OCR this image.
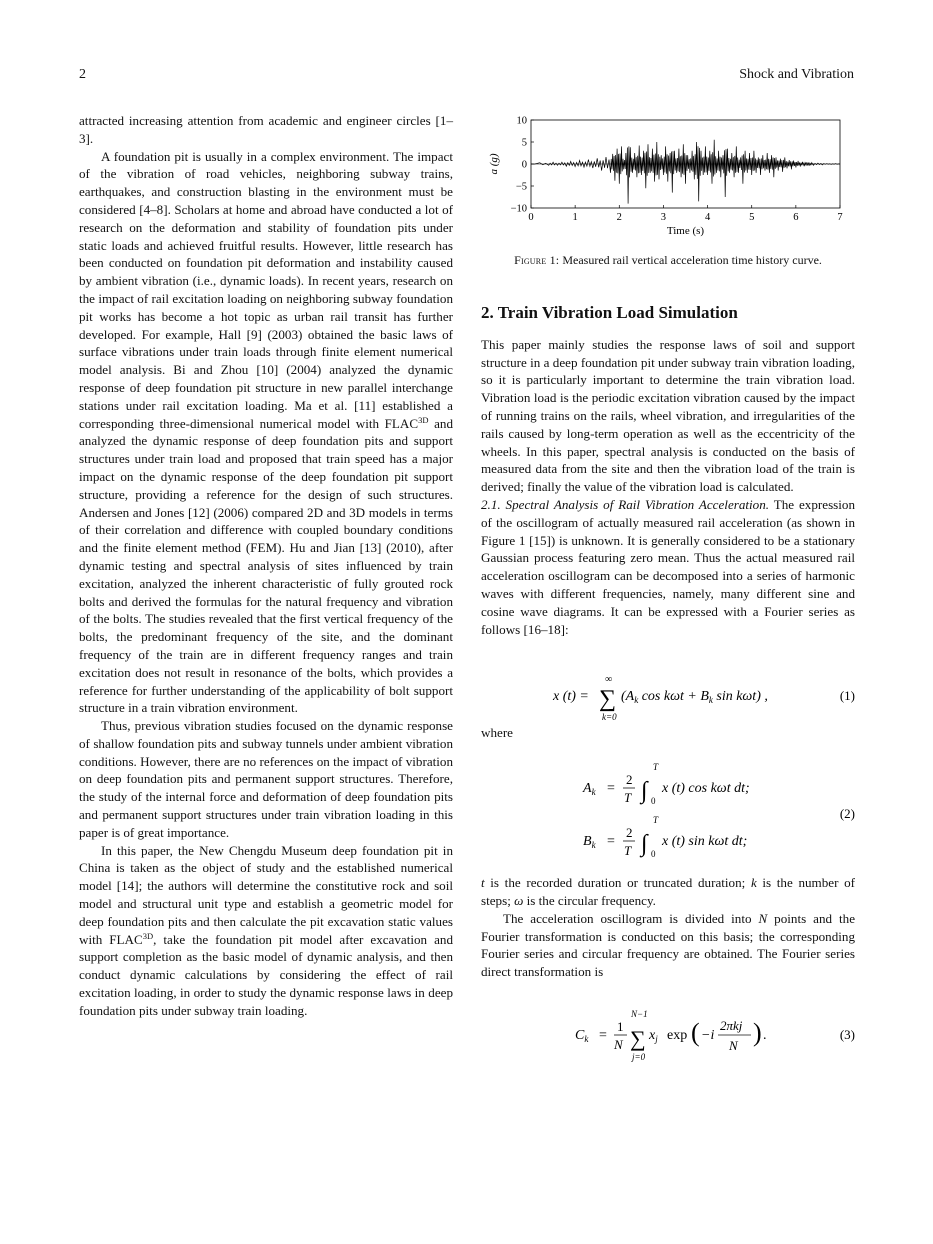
2	Shock and Vibration

attracted increasing attention from academic and engineer circles [1–3].

A foundation pit is usually in a complex environment. The impact of the vibration of road vehicles, neighboring subway trains, earthquakes, and construction blasting in the environment must be considered [4–8]. Scholars at home and abroad have conducted a lot of research on the deformation and stability of foundation pits under static loads and achieved fruitful results. However, little research has been conducted on foundation pit deformation and instability caused by ambient vibration (i.e., dynamic loads). In recent years, research on the impact of rail excitation loading on neighboring subway foundation pit works has become a hot topic as urban rail transit has further developed. For example, Hall [9] (2003) obtained the basic laws of surface vibrations under train loads through finite element numerical model analysis. Bi and Zhou [10] (2004) analyzed the dynamic response of deep foundation pit structure in new parallel interchange stations under rail excitation loading. Ma et al. [11] established a corresponding three-dimensional numerical model with $FLAC^{3D}$ and analyzed the dynamic response of deep foundation pits and support structures under train load and proposed that train speed has a major impact on the dynamic response of the deep foundation pit support structure, providing a reference for the design of such structures. Andersen and Jones [12] (2006) compared 2D and 3D models in terms of their correlation and difference with coupled boundary conditions and the finite element method (FEM). Hu and Jian [13] (2010), after dynamic testing and spectral analysis of sites influenced by train excitation, analyzed the inherent characteristic of fully grouted rock bolts and derived the formulas for the natural frequency and vibration of the bolts. The studies revealed that the first vertical frequency of the bolts, the predominant frequency of the site, and the dominant frequency of the train are in different frequency ranges and train excitation does not result in resonance of the bolts, which provides a reference for further understanding of the applicability of bolt support structure in a train vibration environment.

Thus, previous vibration studies focused on the dynamic response of shallow foundation pits and subway tunnels under ambient vibration conditions. However, there are no references on the impact of vibration on deep foundation pits and permanent support structures. Therefore, the study of the internal force and deformation of deep foundation pits and permanent support structures under train vibration loading in this paper is of great importance.

In this paper, the New Chengdu Museum deep foundation pit in China is taken as the object of study and the established numerical model [14]; the authors will determine the constitutive rock and soil model and structural unit type and establish a geometric model for deep foundation pits and then calculate the pit excavation static values with $FLAC^{3D}$, take the foundation pit model after excavation and support completion as the basic model of dynamic analysis, and then conduct dynamic calculations by considering the effect of rail excitation loading, in order to study the dynamic response laws in deep foundation pits under subway train loading.

0	1	2	3	4	5	6	7
10
5
0
−5
−10
Time (s)
a (g)
Figure 1: Measured rail vertical acceleration time history curve.
2. Train Vibration Load Simulation

This paper mainly studies the response laws of soil and support structure in a deep foundation pit under subway train vibration loading, so it is particularly important to determine the train vibration load. Vibration load is the periodic excitation vibration caused by the impact of running trains on the rails, wheel vibration, and irregularities of the rails caused by long-term operation as well as the eccentricity of the wheels. In this paper, spectral analysis is conducted on the basis of measured data from the site and then the vibration load of the train is derived; finally the value of the vibration load is calculated.

2.1. Spectral Analysis of Rail Vibration Acceleration. The expression of the oscillogram of actually measured rail acceleration (as shown in Figure 1 [15]) is unknown. It is generally considered to be a stationary Gaussian process featuring zero mean. Thus the actual measured rail acceleration oscillogram can be decomposed into a series of harmonic waves with different frequencies, namely, many different sine and cosine wave diagrams. It can be expressed with a Fourier series as follows [16–18]:

x (t) =
∞
∑
k=0
($A_k$ $\cos k\omega t + B_k$ sin kωt) ,	(1)

where

$A_k$ =
2
T ∫
T
0
x (t) cos kωt dt;
$B_k$ =
2
T ∫
T
0
x (t) sin kωt dt;
(2)

t is the recorded duration or truncated duration; k is the number of steps; ω is the circular frequency.

The acceleration oscillogram is divided into N points and the Fourier transformation is conducted on this basis; the corresponding Fourier series and circular frequency are obtained. The Fourier series direct transformation is

$C_k$ =
1
N
N−1
∑
j=0
$x_j$ exp ( −i
2πkj
N ) .	(3)
